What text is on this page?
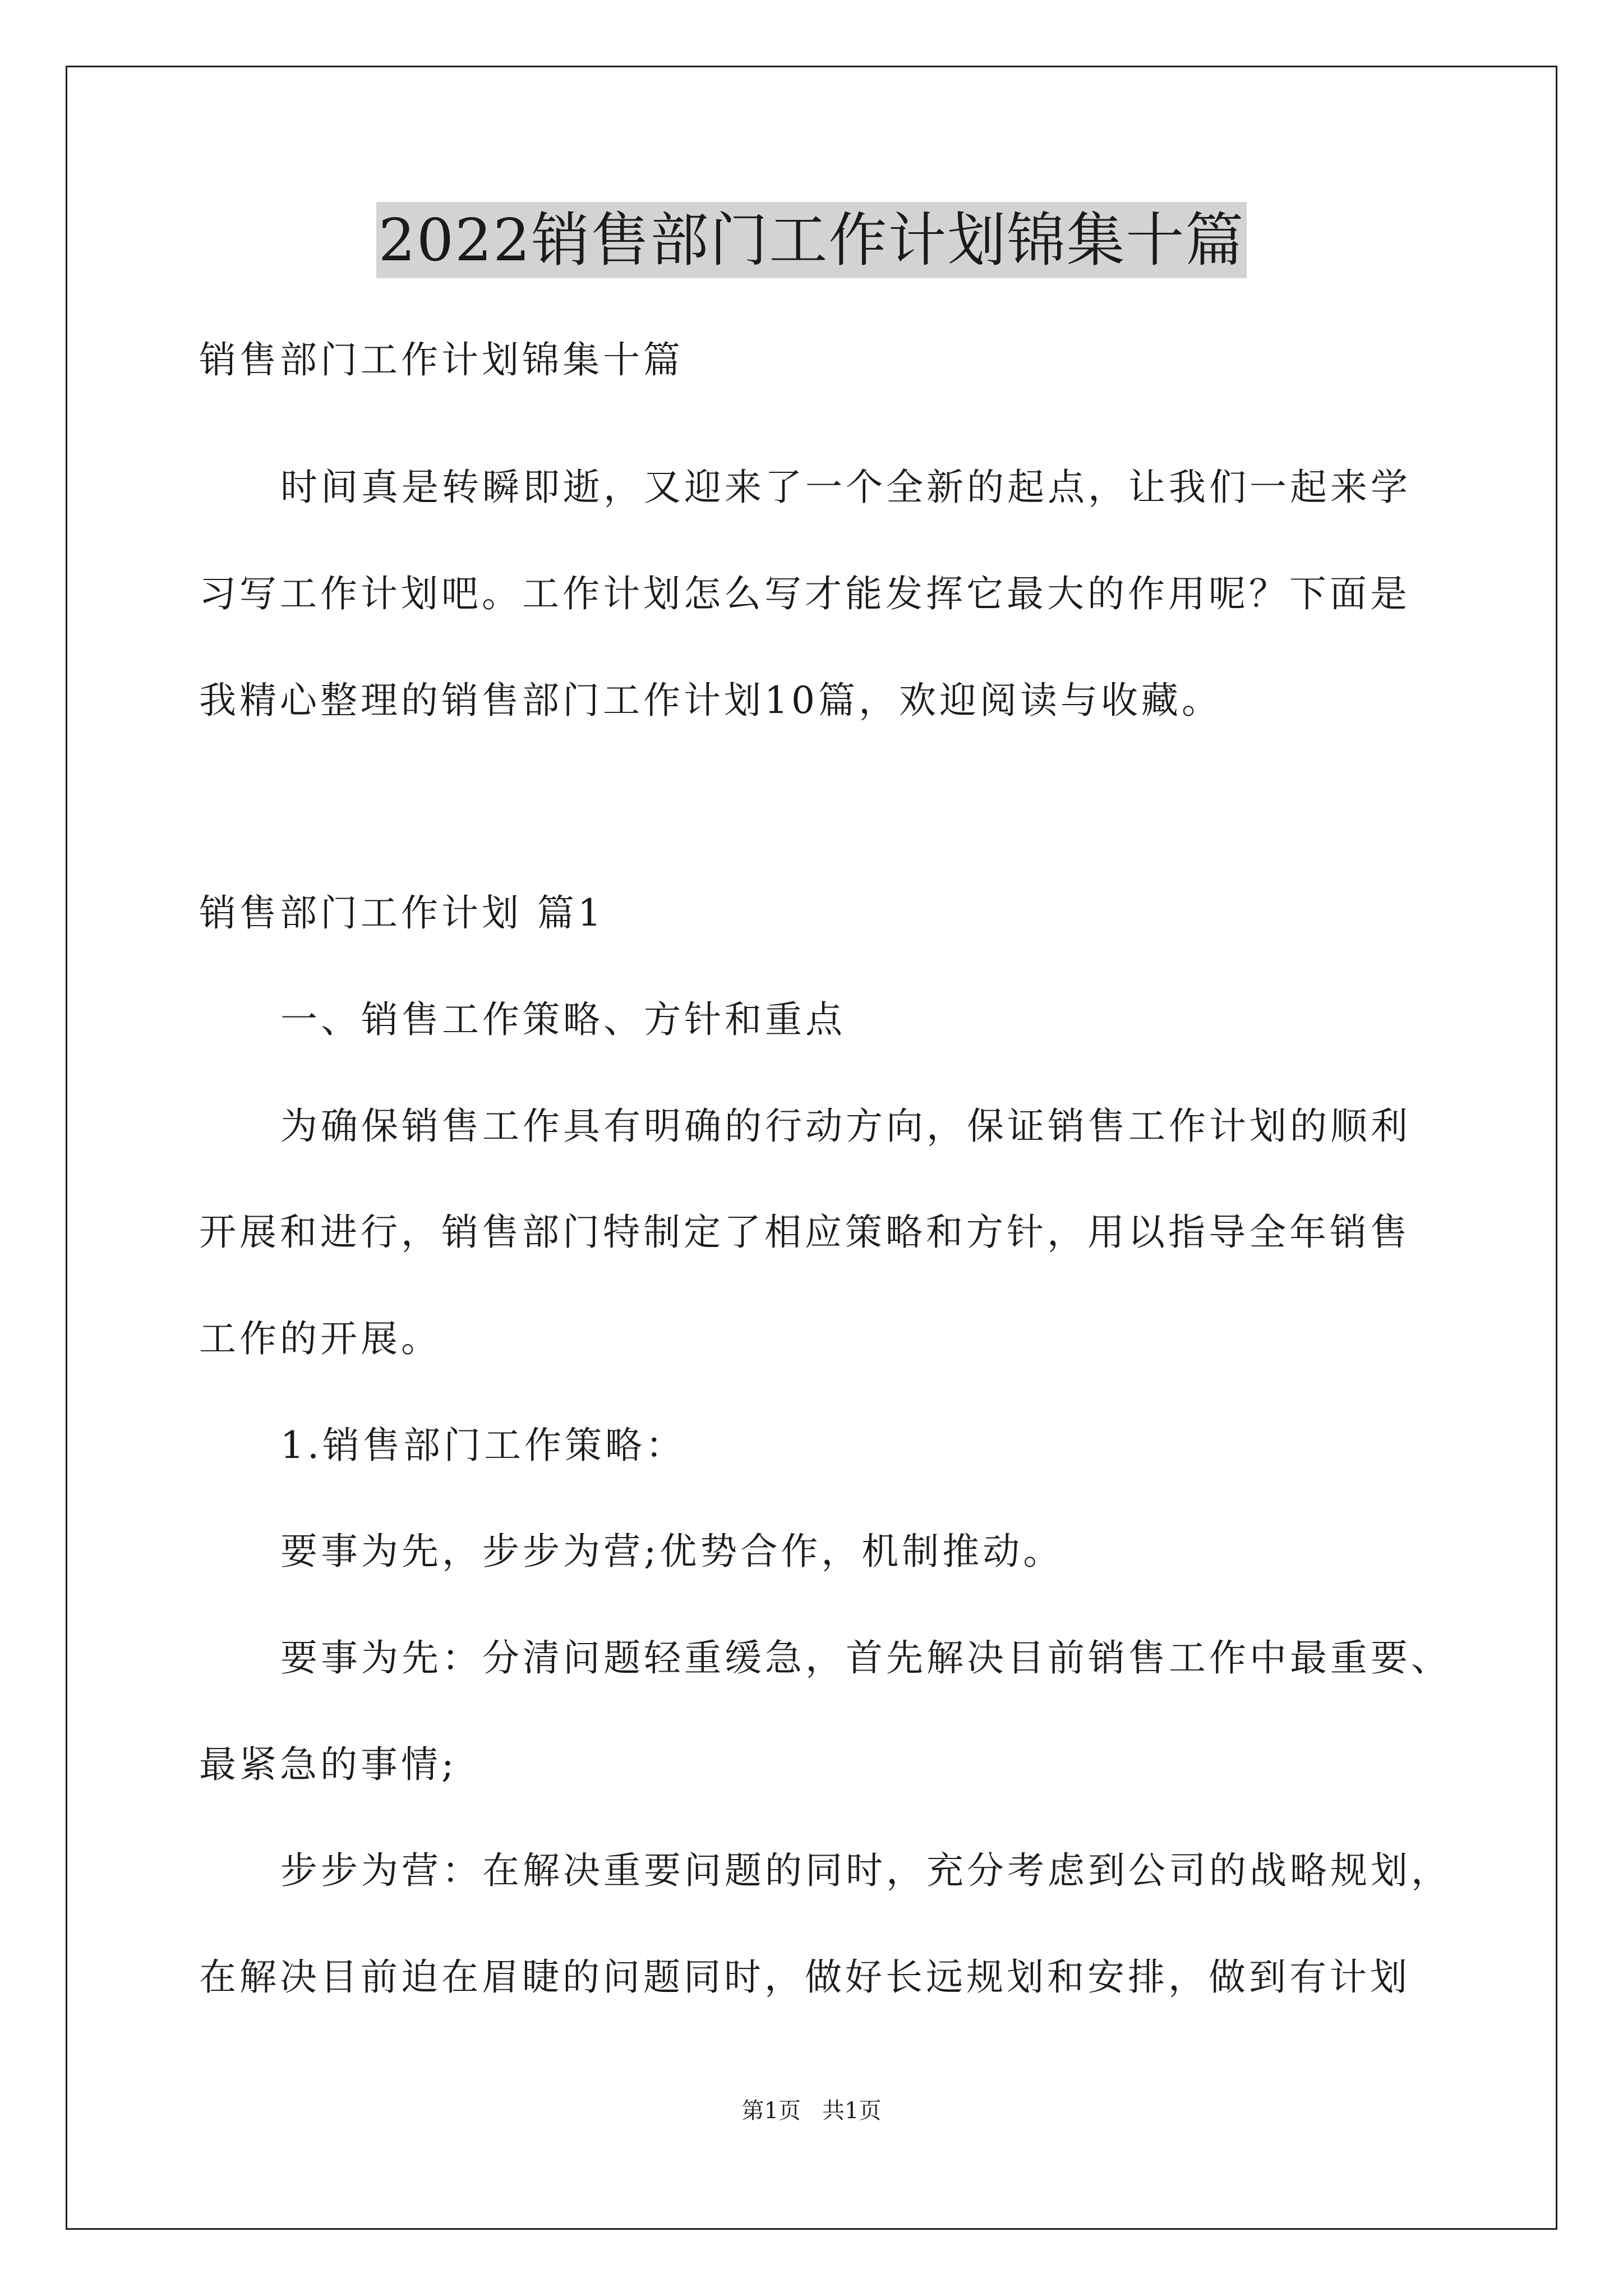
2022销售部门工作计划锦集十篇
销售部门工作计划锦集十篇
时间真是转瞬即逝，又迎来了一个全新的起点，让我们一起来学
习写工作计划吧。工作计划怎么写才能发挥它最大的作用呢？下面是
我精心整理的销售部门工作计划10篇，欢迎阅读与收藏。
销售部门工作计划 篇1
一、销售工作策略、方针和重点
为确保销售工作具有明确的行动方向，保证销售工作计划的顺利
开展和进行，销售部门特制定了相应策略和方针，用以指导全年销售
工作的开展。
1.销售部门工作策略：
要事为先，步步为营;优势合作，机制推动。
要事为先：分清问题轻重缓急，首先解决目前销售工作中最重要、
最紧急的事情;
步步为营：在解决重要问题的同时，充分考虑到公司的战略规划，
在解决目前迫在眉睫的问题同时，做好长远规划和安排，做到有计划
第1页   共1页
